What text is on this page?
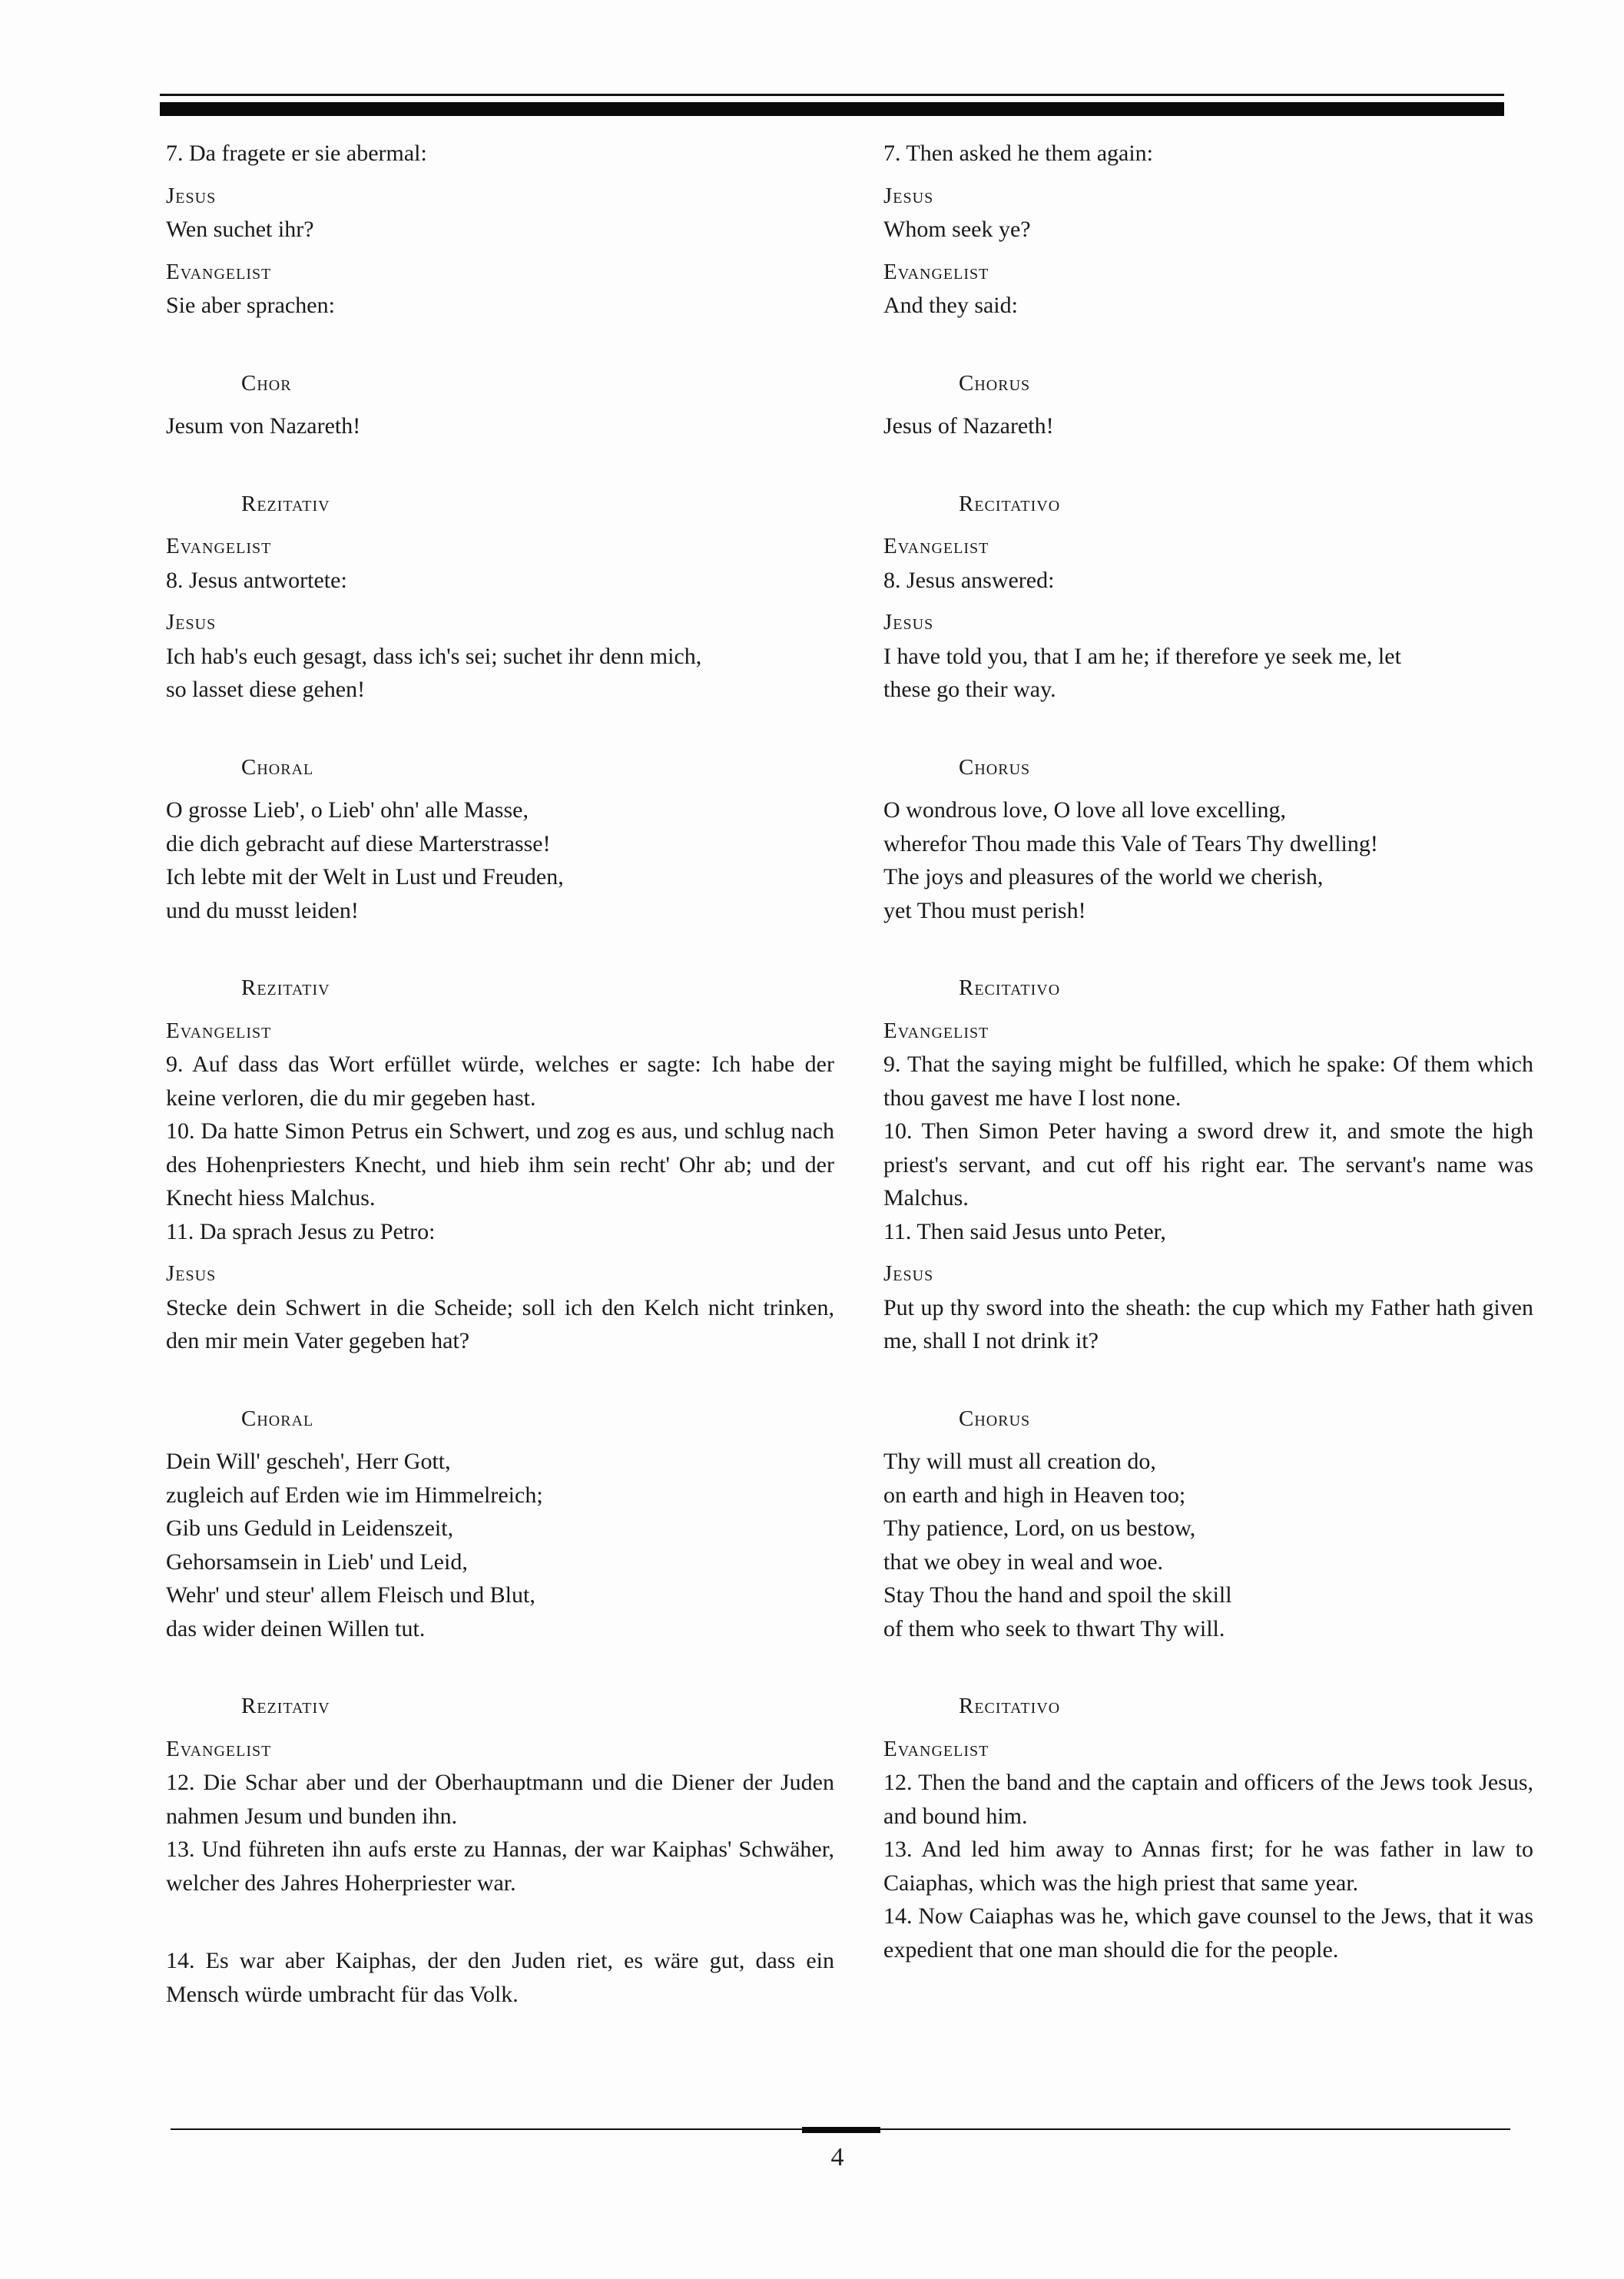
7. Da fragete er sie abermal:
Jesus
Wen suchet ihr?
Evangelist
Sie aber sprachen:
Chor
Jesum von Nazareth!
Rezitativ
Evangelist
8. Jesus antwortete:
Jesus
Ich hab's euch gesagt, dass ich's sei; suchet ihr denn mich,
so lasset diese gehen!
Choral
O grosse Lieb', o Lieb' ohn' alle Masse,
die dich gebracht auf diese Marterstrasse!
Ich lebte mit der Welt in Lust und Freuden,
und du musst leiden!
Rezitativ
Evangelist
9. Auf dass das Wort erfüllet würde, welches er sagte: Ich habe der keine verloren, die du mir gegeben hast.
10. Da hatte Simon Petrus ein Schwert, und zog es aus, und schlug nach des Hohenpriesters Knecht, und hieb ihm sein recht' Ohr ab; und der Knecht hiess Malchus.
11. Da sprach Jesus zu Petro:
Jesus
Stecke dein Schwert in die Scheide; soll ich den Kelch nicht trinken, den mir mein Vater gegeben hat?
Choral
Dein Will' gescheh', Herr Gott,
zugleich auf Erden wie im Himmelreich;
Gib uns Geduld in Leidenszeit,
Gehorsamsein in Lieb' und Leid,
Wehr' und steur' allem Fleisch und Blut,
das wider deinen Willen tut.
Rezitativ
Evangelist
12. Die Schar aber und der Oberhauptmann und die Diener der Juden nahmen Jesum und bunden ihn.
13. Und führeten ihn aufs erste zu Hannas, der war Kaiphas' Schwäher, welcher des Jahres Hoherpriester war.
14. Es war aber Kaiphas, der den Juden riet, es wäre gut, dass ein Mensch würde umbracht für das Volk.
7. Then asked he them again:
Jesus
Whom seek ye?
Evangelist
And they said:
Chorus
Jesus of Nazareth!
Recitativo
Evangelist
8. Jesus answered:
Jesus
I have told you, that I am he; if therefore ye seek me, let
these go their way.
Chorus
O wondrous love, O love all love excelling,
wherefor Thou made this Vale of Tears Thy dwelling!
The joys and pleasures of the world we cherish,
yet Thou must perish!
Recitativo
Evangelist
9. That the saying might be fulfilled, which he spake: Of them which thou gavest me have I lost none.
10. Then Simon Peter having a sword drew it, and smote the high priest's servant, and cut off his right ear. The servant's name was Malchus.
11. Then said Jesus unto Peter,
Jesus
Put up thy sword into the sheath: the cup which my Father hath given me, shall I not drink it?
Chorus
Thy will must all creation do,
on earth and high in Heaven too;
Thy patience, Lord, on us bestow,
that we obey in weal and woe.
Stay Thou the hand and spoil the skill
of them who seek to thwart Thy will.
Recitativo
Evangelist
12. Then the band and the captain and officers of the Jews took Jesus, and bound him.
13. And led him away to Annas first; for he was father in law to Caiaphas, which was the high priest that same year.
14. Now Caiaphas was he, which gave counsel to the Jews, that it was expedient that one man should die for the people.
4
